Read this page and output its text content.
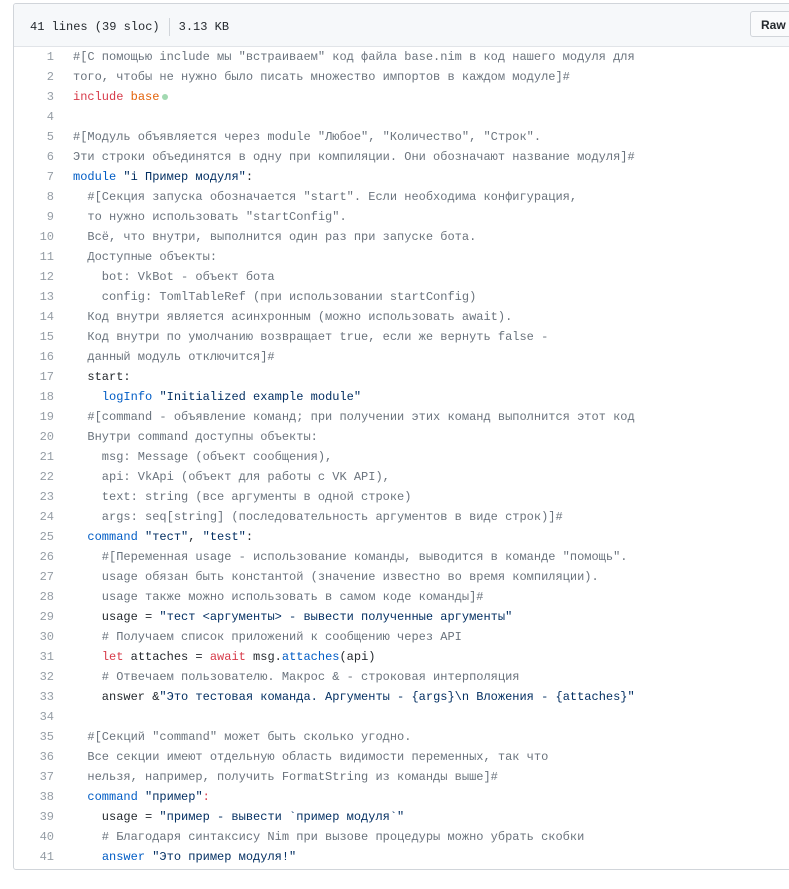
41 lines (39 sloc)	3.13 KB	Raw
1	#[С помощью include мы "встраиваем" код файла base.nim в код нашего модуля для
2	того, чтобы не нужно было писать множество импортов в каждом модуле]#
3	include base
4
5	#[Модуль объявляется через module "Любое", "Количество", "Строк".
6	Эти строки объединятся в одну при компиляции. Они обозначают название модуля]#
7	module "і Пример модуля":
8	#[Секция запуска обозначается "start". Если необходима конфигурация,
9	то нужно использовать "startConfig".
10	Всё, что внутри, выполнится один раз при запуске бота.
11	Доступные объекты:
12	bot: VkBot - объект бота
13	config: TomlTableRef (при использовании startConfig)
14	Код внутри является асинхронным (можно использовать await).
15	Код внутри по умолчанию возвращает true, если же вернуть false -
16	данный модуль отключится]#
17	start:
18	logInfo "Initialized example module"
19	#[command - объявление команд; при получении этих команд выполнится этот код
20	Внутри command доступны объекты:
21	msg: Message (объект сообщения),
22	api: VkApi (объект для работы с VK API),
23	text: string (все аргументы в одной строке)
24	args: seq[string] (последовательность аргументов в виде строк)]#
25	command "тест", "test":
26	#[Переменная usage - использование команды, выводится в команде "помощь".
27	usage обязан быть константой (значение известно во время компиляции).
28	usage также можно использовать в самом коде команды]#
29	usage = "тест <аргументы> - вывести полученные аргументы"
30	# Получаем список приложений к сообщению через API
31	let attaches = await msg.attaches(api)
32	# Отвечаем пользователю. Макрос & - строковая интерполяция
33	answer &"Это тестовая команда. Аргументы - {args}\n Вложения - {attaches}"
34
35	#[Секций "command" может быть сколько угодно.
36	Все секции имеют отдельную область видимости переменных, так что
37	нельзя, например, получить FormatString из команды выше]#
38	command "пример":
39	usage = "пример - вывести `пример модуля`"
40	# Благодаря синтаксису Nim при вызове процедуры можно убрать скобки
41	answer "Это пример модуля!"
